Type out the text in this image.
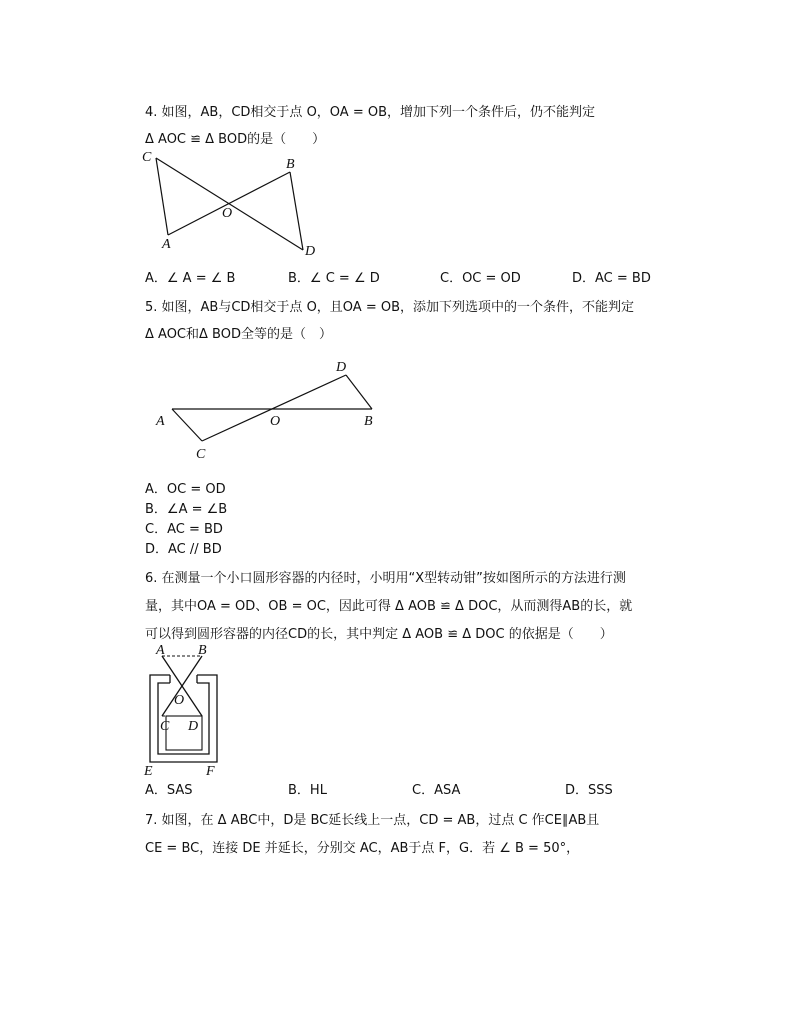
4. 如图，AB，CD相交于点 O，OA = OB，增加下列一个条件后，仍不能判定
Δ AOC ≌ Δ BOD的是（　　）
C	B
O
A	D
A．∠ A = ∠ B	B．∠ C = ∠ D	C．OC = OD	D．AC = BD
5. 如图，AB与CD相交于点 O，且OA = OB，添加下列选项中的一个条件，不能判定
Δ AOC和Δ BOD全等的是（　）
D
A	O	B
C
A．OC = OD
B．∠A = ∠B
C．AC = BD
D．AC // BD
6. 在测量一个小口圆形容器的内径时，小明用“X型转动钳”按如图所示的方法进行测
量，其中OA = OD、OB = OC，因此可得 Δ AOB ≌ Δ DOC，从而测得AB的长，就
可以得到圆形容器的内径CD的长，其中判定 Δ AOB ≌ Δ DOC 的依据是（　　）
A B
O
C D
E	F
A．SAS	B．HL	C．ASA	D．SSS
7. 如图，在 Δ ABC中，D是 BC延长线上一点，CD = AB，过点 C 作CE∥AB且
CE = BC，连接 DE 并延长，分别交 AC，AB于点 F，G．若 ∠ B = 50°，
